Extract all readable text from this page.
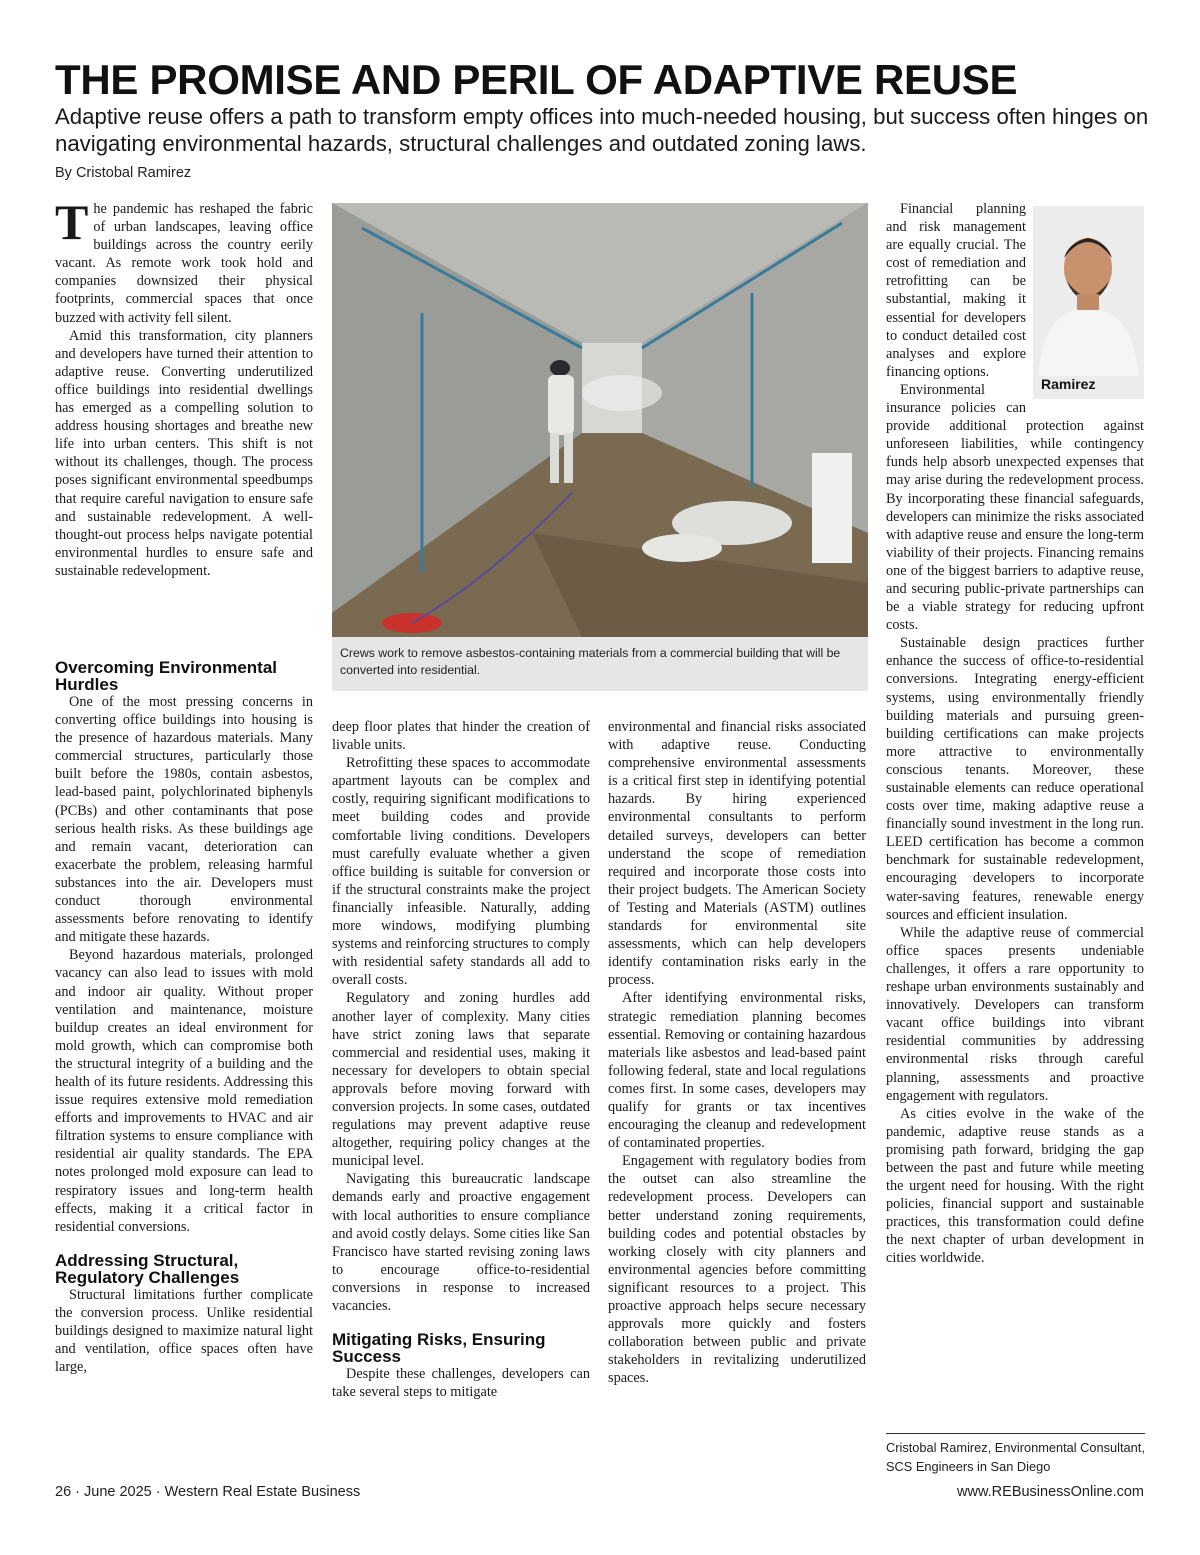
THE PROMISE AND PERIL OF ADAPTIVE REUSE

Adaptive reuse offers a path to transform empty offices into much-needed housing, but success often hinges on navigating environmental hazards, structural challenges and outdated zoning laws.

By Cristobal Ramirez

The pandemic has reshaped the fabric of urban landscapes, leaving office buildings across the country eerily vacant. As remote work took hold and companies downsized their physical footprints, commercial spaces that once buzzed with activity fell silent.

Amid this transformation, city planners and developers have turned their attention to adaptive reuse. Converting underutilized office buildings into residential dwellings has emerged as a compelling solution to address housing shortages and breathe new life into urban centers. This shift is not without its challenges, though. The process poses significant environmental speedbumps that require careful navigation to ensure safe and sustainable redevelopment. A well-thought-out process helps navigate potential environmental hurdles to ensure safe and sustainable redevelopment.

Overcoming Environmental Hurdles

One of the most pressing concerns in converting office buildings into housing is the presence of hazardous materials. Many commercial structures, particularly those built before the 1980s, contain asbestos, lead-based paint, polychlorinated biphenyls (PCBs) and other contaminants that pose serious health risks. As these buildings age and remain vacant, deterioration can exacerbate the problem, releasing harmful substances into the air. Developers must conduct thorough environmental assessments before renovating to identify and mitigate these hazards.

Beyond hazardous materials, prolonged vacancy can also lead to issues with mold and indoor air quality. Without proper ventilation and maintenance, moisture buildup creates an ideal environment for mold growth, which can compromise both the structural integrity of a building and the health of its future residents. Addressing this issue requires extensive mold remediation efforts and improvements to HVAC and air filtration systems to ensure compliance with residential air quality standards. The EPA notes prolonged mold exposure can lead to respiratory issues and long-term health effects, making it a critical factor in residential conversions.

Addressing Structural, Regulatory Challenges

Structural limitations further complicate the conversion process. Unlike residential buildings designed to maximize natural light and ventilation, office spaces often have large,

Crews work to remove asbestos-containing materials from a commercial building that will be converted into residential.

deep floor plates that hinder the creation of livable units.

Retrofitting these spaces to accommodate apartment layouts can be complex and costly, requiring significant modifications to meet building codes and provide comfortable living conditions. Developers must carefully evaluate whether a given office building is suitable for conversion or if the structural constraints make the project financially infeasible. Naturally, adding more windows, modifying plumbing systems and reinforcing structures to comply with residential safety standards all add to overall costs.

Regulatory and zoning hurdles add another layer of complexity. Many cities have strict zoning laws that separate commercial and residential uses, making it necessary for developers to obtain special approvals before moving forward with conversion projects. In some cases, outdated regulations may prevent adaptive reuse altogether, requiring policy changes at the municipal level.

Navigating this bureaucratic landscape demands early and proactive engagement with local authorities to ensure compliance and avoid costly delays. Some cities like San Francisco have started revising zoning laws to encourage office-to-residential conversions in response to increased vacancies.

Mitigating Risks, Ensuring Success

Despite these challenges, developers can take several steps to mitigate

environmental and financial risks associated with adaptive reuse. Conducting comprehensive environmental assessments is a critical first step in identifying potential hazards. By hiring experienced environmental consultants to perform detailed surveys, developers can better understand the scope of remediation required and incorporate those costs into their project budgets. The American Society of Testing and Materials (ASTM) outlines standards for environmental site assessments, which can help developers identify contamination risks early in the process.

After identifying environmental risks, strategic remediation planning becomes essential. Removing or containing hazardous materials like asbestos and lead-based paint following federal, state and local regulations comes first. In some cases, developers may qualify for grants or tax incentives encouraging the cleanup and redevelopment of contaminated properties.

Engagement with regulatory bodies from the outset can also streamline the redevelopment process. Developers can better understand zoning requirements, building codes and potential obstacles by working closely with city planners and environmental agencies before committing significant resources to a project. This proactive approach helps secure necessary approvals more quickly and fosters collaboration between public and private stakeholders in revitalizing underutilized spaces.

Ramirez

Financial planning and risk management are equally crucial. The cost of remediation and retrofitting can be substantial, making it essential for developers to conduct detailed cost analyses and explore financing options.

Environmental insurance policies can provide additional protection against unforeseen liabilities, while contingency funds help absorb unexpected expenses that may arise during the redevelopment process. By incorporating these financial safeguards, developers can minimize the risks associated with adaptive reuse and ensure the long-term viability of their projects. Financing remains one of the biggest barriers to adaptive reuse, and securing public-private partnerships can be a viable strategy for reducing upfront costs.

Sustainable design practices further enhance the success of office-to-residential conversions. Integrating energy-efficient systems, using environmentally friendly building materials and pursuing green-building certifications can make projects more attractive to environmentally conscious tenants. Moreover, these sustainable elements can reduce operational costs over time, making adaptive reuse a financially sound investment in the long run. LEED certification has become a common benchmark for sustainable redevelopment, encouraging developers to incorporate water-saving features, renewable energy sources and efficient insulation.

While the adaptive reuse of commercial office spaces presents undeniable challenges, it offers a rare opportunity to reshape urban environments sustainably and innovatively. Developers can transform vacant office buildings into vibrant residential communities by addressing environmental risks through careful planning, assessments and proactive engagement with regulators.

As cities evolve in the wake of the pandemic, adaptive reuse stands as a promising path forward, bridging the gap between the past and future while meeting the urgent need for housing. With the right policies, financial support and sustainable practices, this transformation could define the next chapter of urban development in cities worldwide.

Cristobal Ramirez, Environmental Consultant,
SCS Engineers in San Diego

26 · June 2025 · Western Real Estate Business	www.REBusinessOnline.com
